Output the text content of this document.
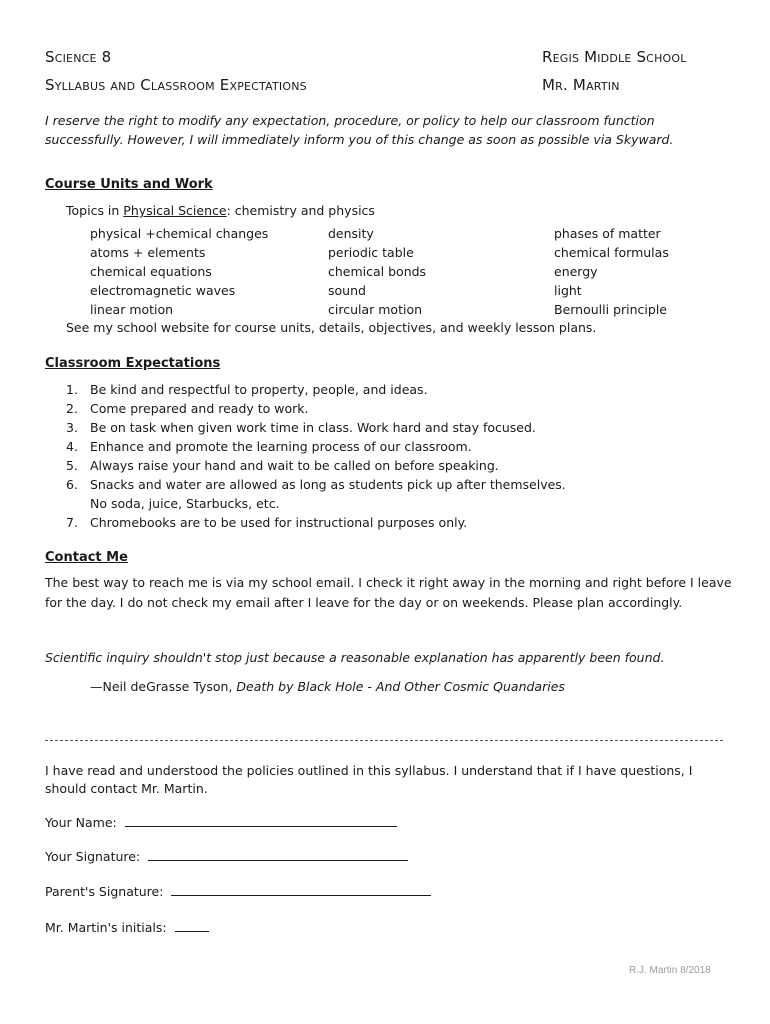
Science 8
Syllabus and Classroom Expectations
Regis Middle School
Mr. Martin
I reserve the right to modify any expectation, procedure, or policy to help our classroom function
successfully. However, I will immediately inform you of this change as soon as possible via Skyward.
Course Units and Work
Topics in Physical Science: chemistry and physics
physical +chemical changes
atoms + elements
chemical equations
electromagnetic waves
linear motion
density
periodic table
chemical bonds
sound
circular motion
phases of matter
chemical formulas
energy
light
Bernoulli principle
See my school website for course units, details, objectives, and weekly lesson plans.
Classroom Expectations
1. Be kind and respectful to property, people, and ideas.
2. Come prepared and ready to work.
3. Be on task when given work time in class. Work hard and stay focused.
4. Enhance and promote the learning process of our classroom.
5. Always raise your hand and wait to be called on before speaking.
6. Snacks and water are allowed as long as students pick up after themselves.
No soda, juice, Starbucks, etc.
7. Chromebooks are to be used for instructional purposes only.
Contact Me
The best way to reach me is via my school email. I check it right away in the morning and right before I leave
for the day. I do not check my email after I leave for the day or on weekends. Please plan accordingly.
Scientific inquiry shouldn't stop just because a reasonable explanation has apparently been found.
—Neil deGrasse Tyson, Death by Black Hole - And Other Cosmic Quandaries
I have read and understood the policies outlined in this syllabus. I understand that if I have questions, I
should contact Mr. Martin.
Your Name:
Your Signature:
Parent's Signature:
Mr. Martin's initials:
R.J. Martin 8/2018
